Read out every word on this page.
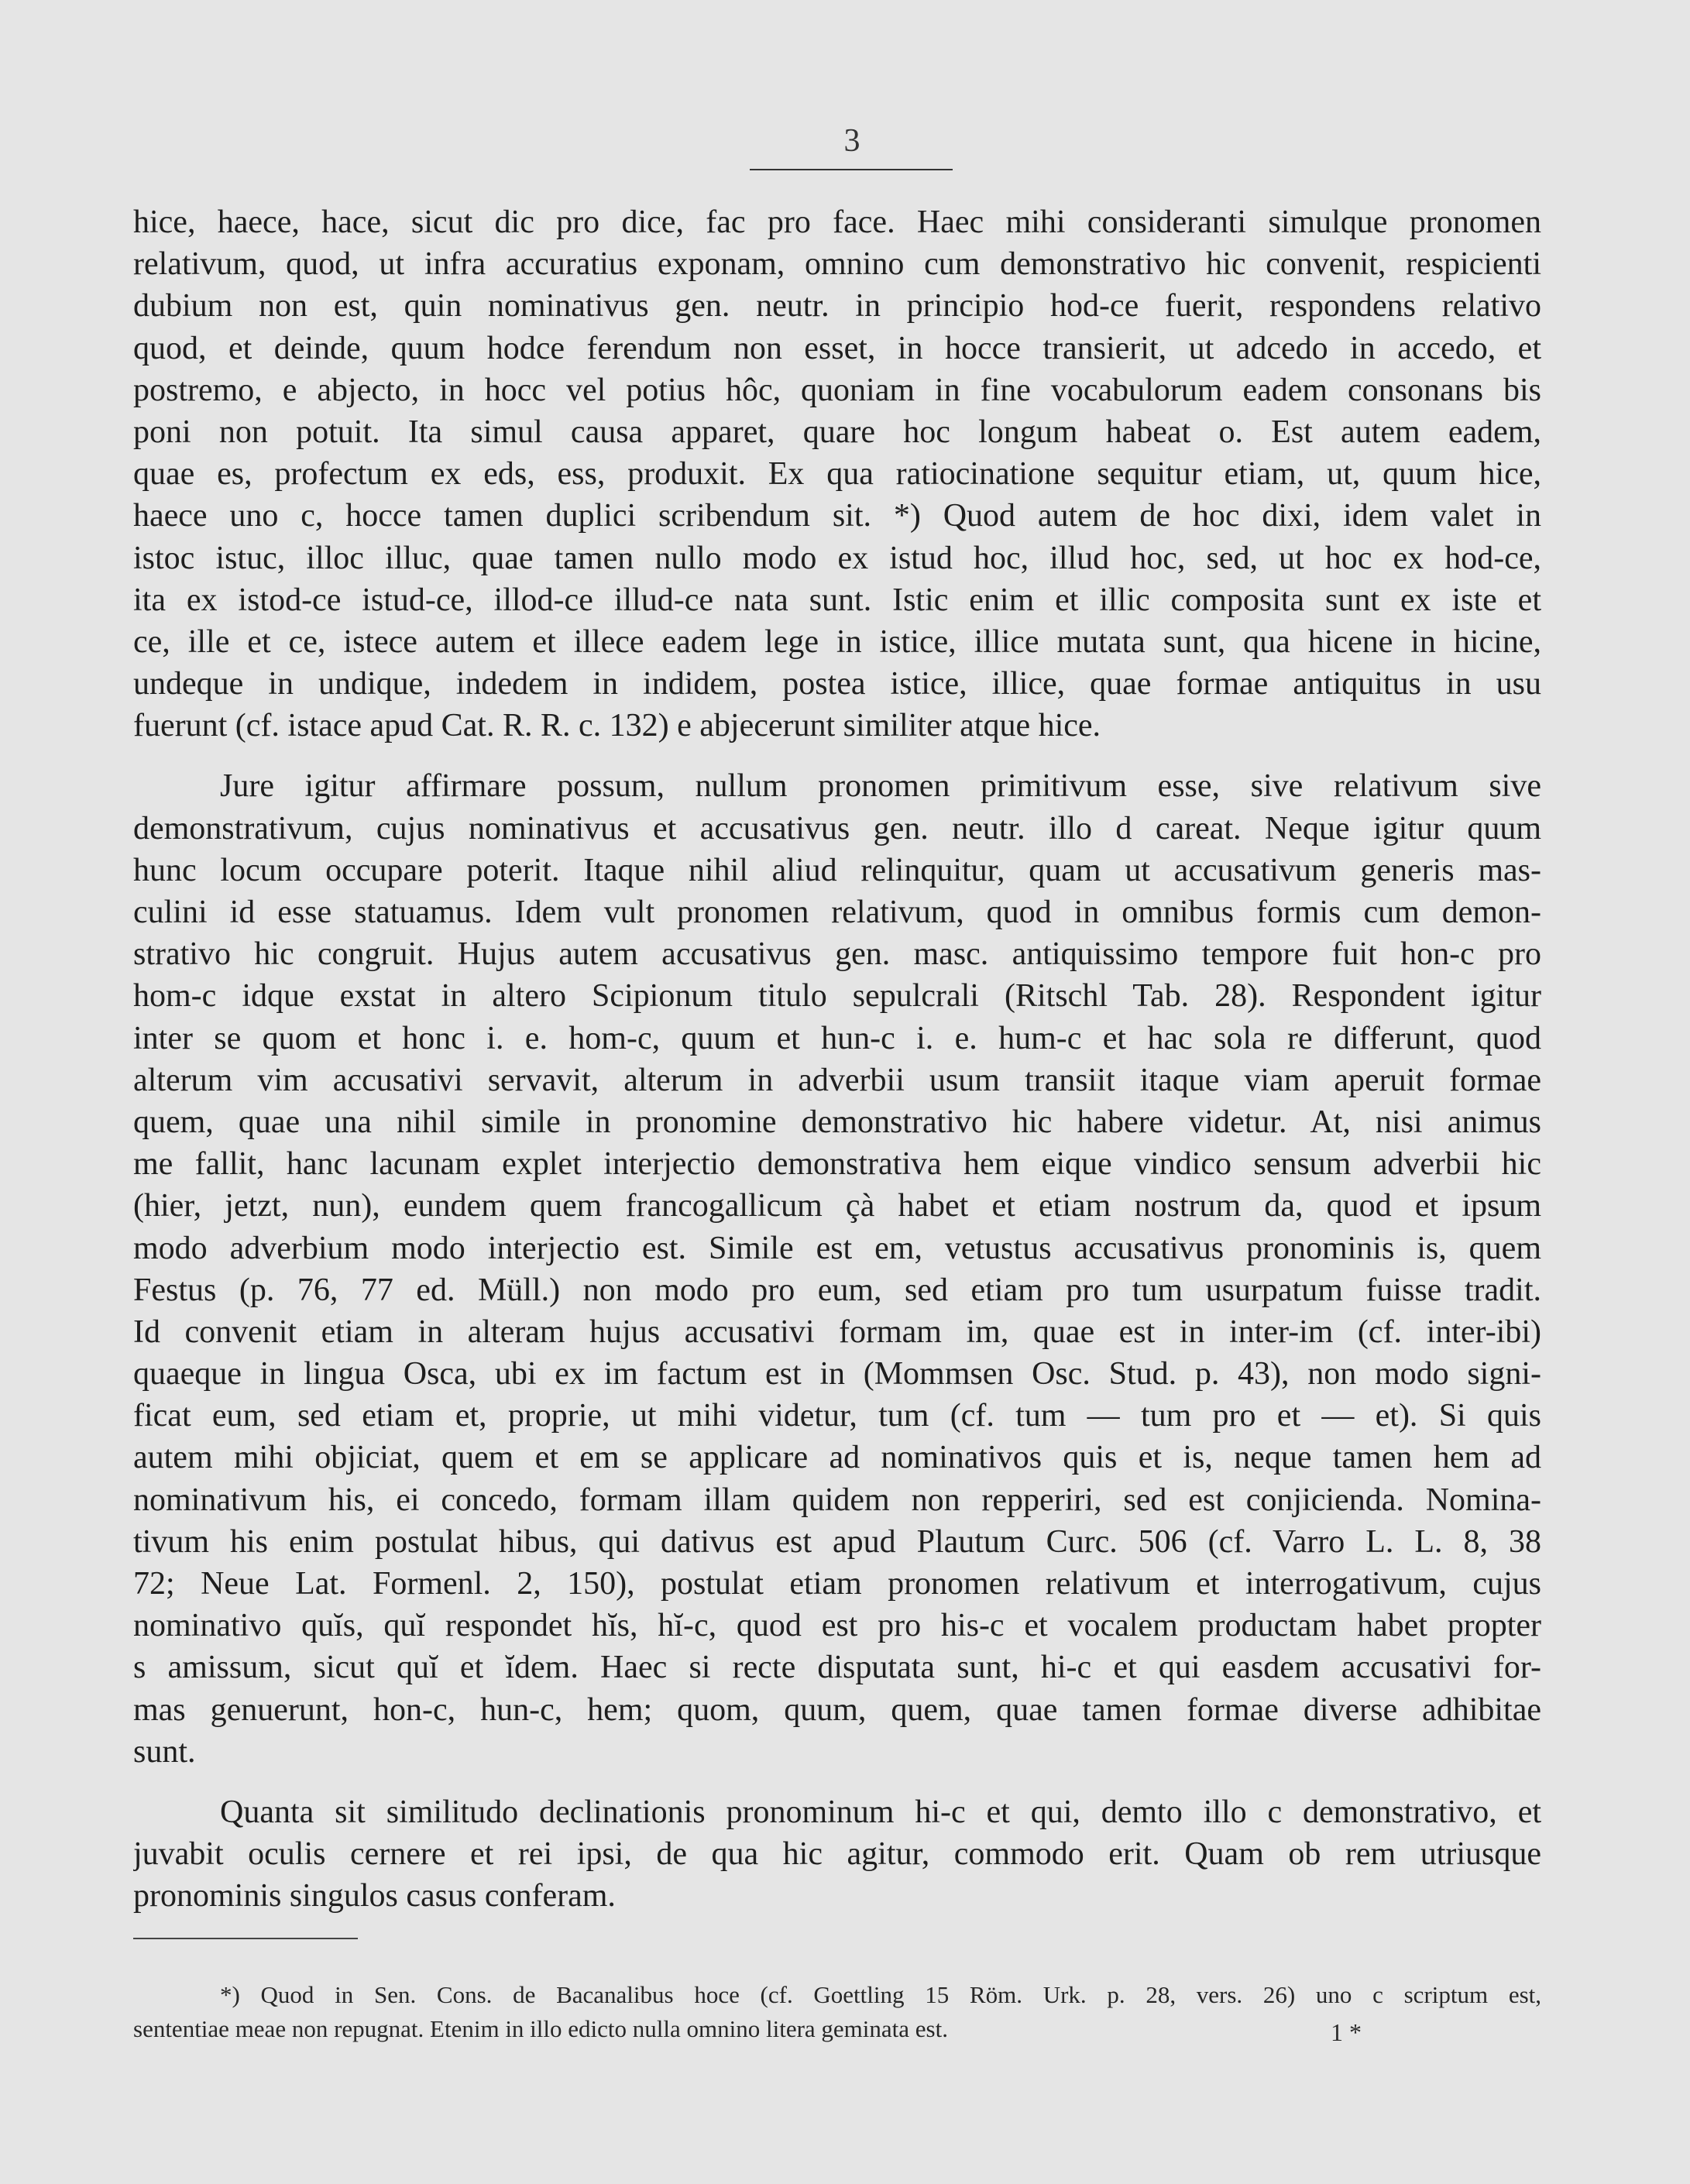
3

hice, haece, hace, sicut dic pro dice, fac pro face. Haec mihi consideranti simulque pronomen

relativum, quod, ut infra accuratius exponam, omnino cum demonstrativo hic convenit, respicienti

dubium non est, quin nominativus gen. neutr. in principio hod-ce fuerit, respondens relativo

quod, et deinde, quum hodce ferendum non esset, in hocce transierit, ut adcedo in accedo, et

postremo, e abjecto, in hocc vel potius hôc, quoniam in fine vocabulorum eadem consonans bis

poni non potuit. Ita simul causa apparet, quare hoc longum habeat o. Est autem eadem,

quae es, profectum ex eds, ess, produxit. Ex qua ratiocinatione sequitur etiam, ut, quum hice,

haece uno c, hocce tamen duplici scribendum sit. *) Quod autem de hoc dixi, idem valet in

istoc istuc, illoc illuc, quae tamen nullo modo ex istud hoc, illud hoc, sed, ut hoc ex hod-ce,

ita ex istod-ce istud-ce, illod-ce illud-ce nata sunt. Istic enim et illic composita sunt ex iste et

ce, ille et ce, istece autem et illece eadem lege in istice, illice mutata sunt, qua hicene in hicine,

undeque in undique, indedem in indidem, postea istice, illice, quae formae antiquitus in usu

fuerunt (cf. istace apud Cat. R. R. c. 132) e abjecerunt similiter atque hice.

Jure igitur affirmare possum, nullum pronomen primitivum esse, sive relativum sive

demonstrativum, cujus nominativus et accusativus gen. neutr. illo d careat. Neque igitur quum

hunc locum occupare poterit. Itaque nihil aliud relinquitur, quam ut accusativum generis mas-

culini id esse statuamus. Idem vult pronomen relativum, quod in omnibus formis cum demon-

strativo hic congruit. Hujus autem accusativus gen. masc. antiquissimo tempore fuit hon-c pro

hom-c idque exstat in altero Scipionum titulo sepulcrali (Ritschl Tab. 28). Respondent igitur

inter se quom et honc i. e. hom-c, quum et hun-c i. e. hum-c et hac sola re differunt, quod

alterum vim accusativi servavit, alterum in adverbii usum transiit itaque viam aperuit formae

quem, quae una nihil simile in pronomine demonstrativo hic habere videtur. At, nisi animus

me fallit, hanc lacunam explet interjectio demonstrativa hem eique vindico sensum adverbii hic

(hier, jetzt, nun), eundem quem francogallicum çà habet et etiam nostrum da, quod et ipsum

modo adverbium modo interjectio est. Simile est em, vetustus accusativus pronominis is, quem

Festus (p. 76, 77 ed. Müll.) non modo pro eum, sed etiam pro tum usurpatum fuisse tradit.

Id convenit etiam in alteram hujus accusativi formam im, quae est in inter-im (cf. inter-ibi)

quaeque in lingua Osca, ubi ex im factum est in (Mommsen Osc. Stud. p. 43), non modo signi-

ficat eum, sed etiam et, proprie, ut mihi videtur, tum (cf. tum — tum pro et — et). Si quis

autem mihi objiciat, quem et em se applicare ad nominativos quis et is, neque tamen hem ad

nominativum his, ei concedo, formam illam quidem non repperiri, sed est conjicienda. Nomina-

tivum his enim postulat hibus, qui dativus est apud Plautum Curc. 506 (cf. Varro L. L. 8, 38

72; Neue Lat. Formenl. 2, 150), postulat etiam pronomen relativum et interrogativum, cujus

nominativo quĭs, quĭ respondet hĭs, hĭ-c, quod est pro his-c et vocalem productam habet propter

s amissum, sicut quĭ et ĭdem. Haec si recte disputata sunt, hi-c et qui easdem accusativi for-

mas genuerunt, hon-c, hun-c, hem; quom, quum, quem, quae tamen formae diverse adhibitae

sunt.

Quanta sit similitudo declinationis pronominum hi-c et qui, demto illo c demonstrativo, et

juvabit oculis cernere et rei ipsi, de qua hic agitur, commodo erit. Quam ob rem utriusque

pronominis singulos casus conferam.

*) Quod in Sen. Cons. de Bacanalibus hoce (cf. Goettling 15 Röm. Urk. p. 28, vers. 26) uno c scriptum est,

sententiae meae non repugnat. Etenim in illo edicto nulla omnino litera geminata est.	1 *
